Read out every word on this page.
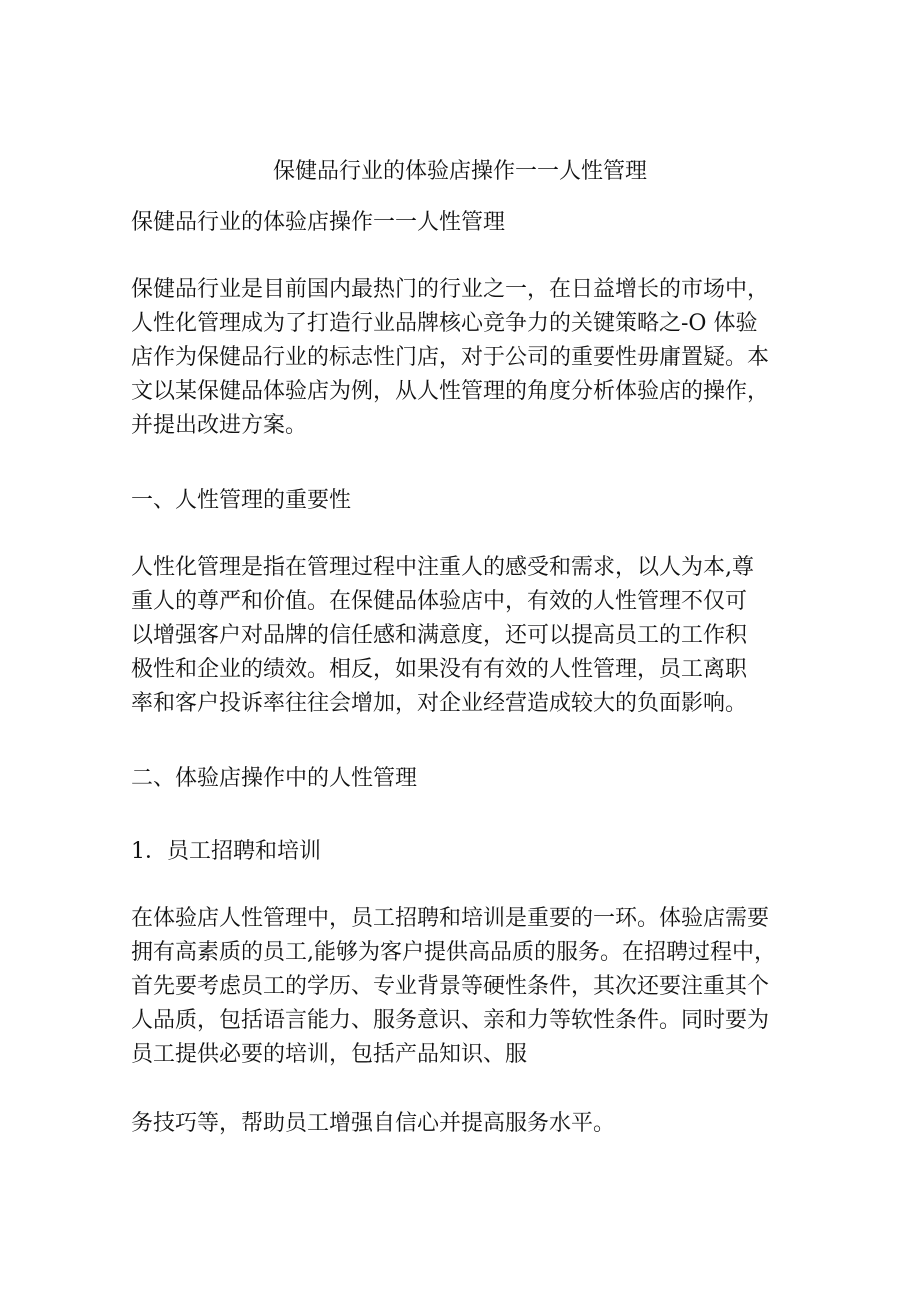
保健品行业的体验店操作一一人性管理

保健品行业的体验店操作一一人性管理

保健品行业是目前国内最热门的行业之一，在日益增长的市场中，
人性化管理成为了打造行业品牌核心竞争力的关键策略之-O 体验
店作为保健品行业的标志性门店，对于公司的重要性毋庸置疑。本
文以某保健品体验店为例，从人性管理的角度分析体验店的操作，
并提出改进方案。

一、人性管理的重要性

人性化管理是指在管理过程中注重人的感受和需求，以人为本,尊
重人的尊严和价值。在保健品体验店中，有效的人性管理不仅可
以增强客户对品牌的信任感和满意度，还可以提高员工的工作积
极性和企业的绩效。相反，如果没有有效的人性管理，员工离职
率和客户投诉率往往会增加，对企业经营造成较大的负面影响。

二、体验店操作中的人性管理

1．员工招聘和培训

在体验店人性管理中，员工招聘和培训是重要的一环。体验店需要
拥有高素质的员工,能够为客户提供高品质的服务。在招聘过程中，
首先要考虑员工的学历、专业背景等硬性条件，其次还要注重其个
人品质，包括语言能力、服务意识、亲和力等软性条件。同时要为
员工提供必要的培训，包括产品知识、服

务技巧等，帮助员工增强自信心并提高服务水平。
